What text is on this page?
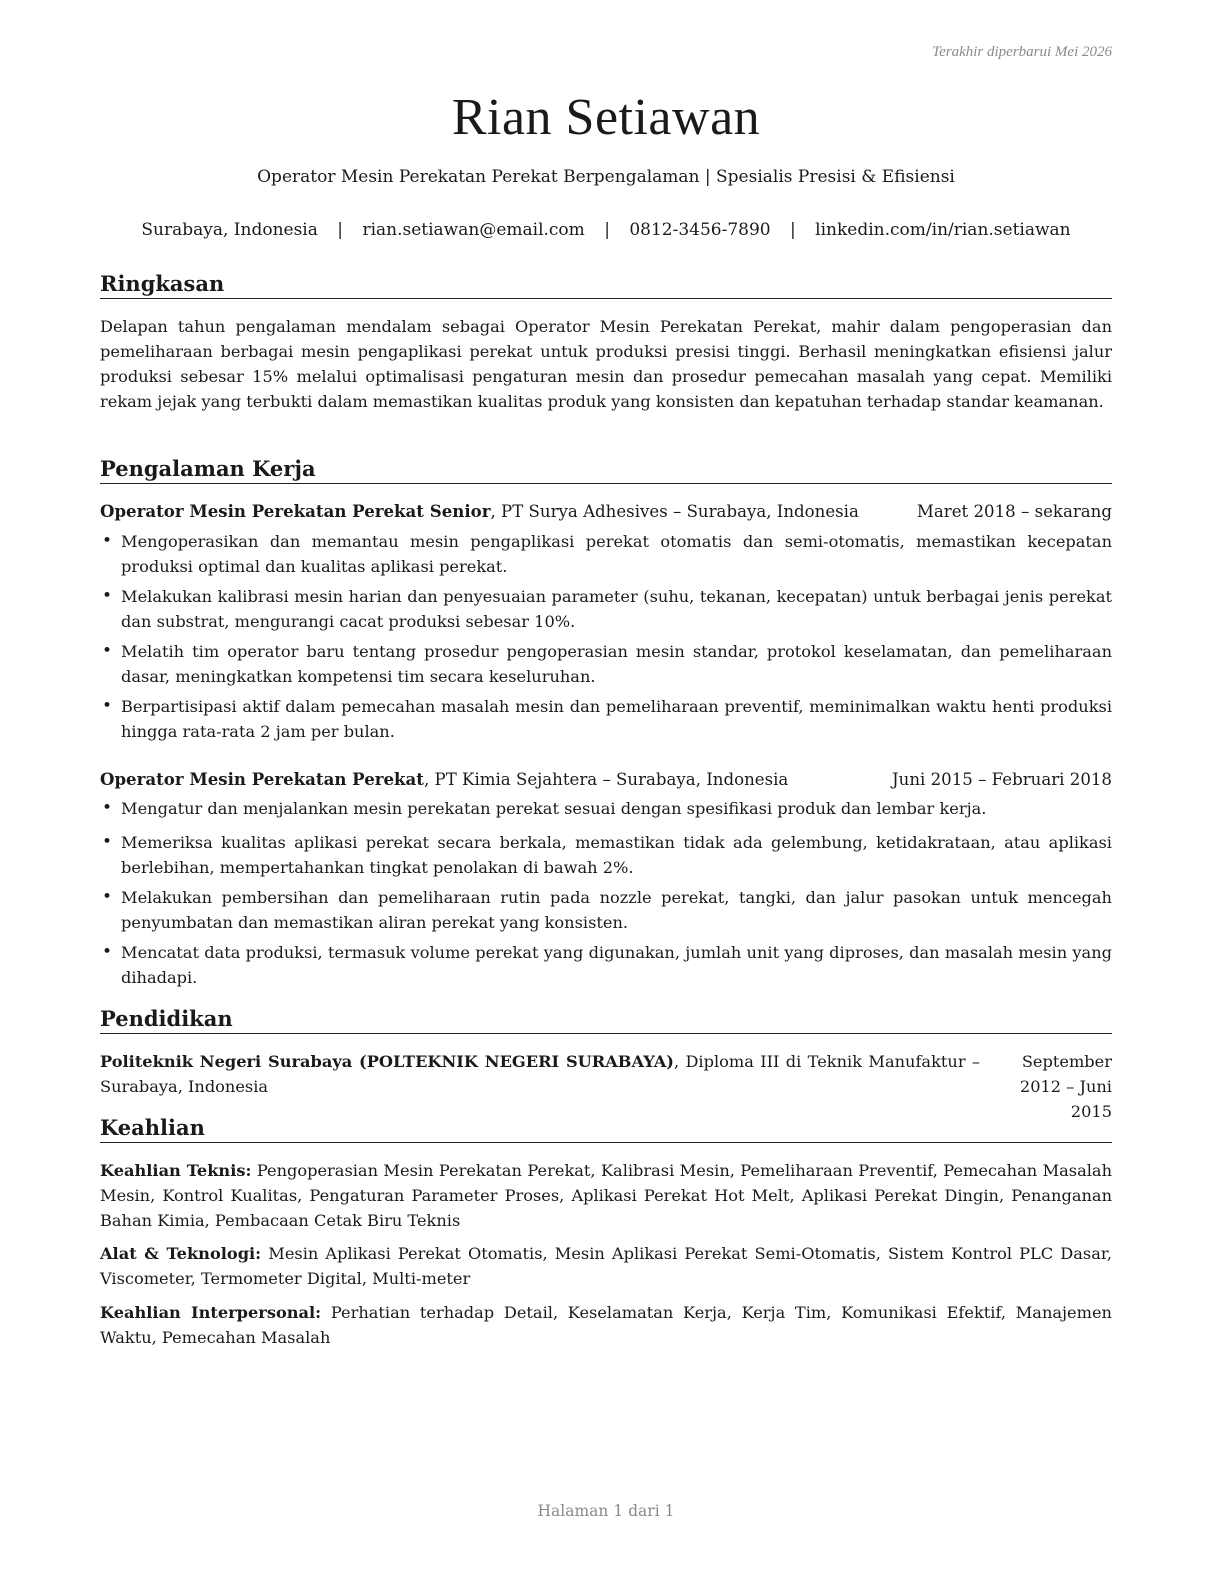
Terakhir diperbarui Mei 2026
Rian Setiawan
Operator Mesin Perekatan Perekat Berpengalaman | Spesialis Presisi & Efisiensi
Surabaya, Indonesia | rian.setiawan@email.com | 0812-3456-7890 | linkedin.com/in/rian.setiawan
Ringkasan
Delapan tahun pengalaman mendalam sebagai Operator Mesin Perekatan Perekat, mahir dalam pengoperasian dan pemeliharaan berbagai mesin pengaplikasi perekat untuk produksi presisi tinggi. Berhasil meningkatkan efisiensi jalur produksi sebesar 15% melalui optimalisasi pengaturan mesin dan prosedur pemecahan masalah yang cepat. Memiliki rekam jejak yang terbukti dalam memastikan kualitas produk yang konsisten dan kepatuhan terhadap standar keamanan.
Pengalaman Kerja
Operator Mesin Perekatan Perekat Senior, PT Surya Adhesives – Surabaya, Indonesia	Maret 2018 – sekarang
• Mengoperasikan dan memantau mesin pengaplikasi perekat otomatis dan semi-otomatis, memastikan kecepatan produksi optimal dan kualitas aplikasi perekat.
• Melakukan kalibrasi mesin harian dan penyesuaian parameter (suhu, tekanan, kecepatan) untuk berbagai jenis perekat dan substrat, mengurangi cacat produksi sebesar 10%.
• Melatih tim operator baru tentang prosedur pengoperasian mesin standar, protokol keselamatan, dan pemeliharaan dasar, meningkatkan kompetensi tim secara keseluruhan.
• Berpartisipasi aktif dalam pemecahan masalah mesin dan pemeliharaan preventif, meminimalkan waktu henti produksi hingga rata-rata 2 jam per bulan.
Operator Mesin Perekatan Perekat, PT Kimia Sejahtera – Surabaya, Indonesia	Juni 2015 – Februari 2018
• Mengatur dan menjalankan mesin perekatan perekat sesuai dengan spesifikasi produk dan lembar kerja.
• Memeriksa kualitas aplikasi perekat secara berkala, memastikan tidak ada gelembung, ketidakrataan, atau aplikasi berlebihan, mempertahankan tingkat penolakan di bawah 2%.
• Melakukan pembersihan dan pemeliharaan rutin pada nozzle perekat, tangki, dan jalur pasokan untuk mencegah penyumbatan dan memastikan aliran perekat yang konsisten.
• Mencatat data produksi, termasuk volume perekat yang digunakan, jumlah unit yang diproses, dan masalah mesin yang dihadapi.
Pendidikan
Politeknik Negeri Surabaya (POLTEKNIK NEGERI SURABAYA), Diploma III di Teknik Manufaktur – Surabaya, Indonesia
September 2012 – Juni 2015
Keahlian
Keahlian Teknis: Pengoperasian Mesin Perekatan Perekat, Kalibrasi Mesin, Pemeliharaan Preventif, Pemecahan Masalah Mesin, Kontrol Kualitas, Pengaturan Parameter Proses, Aplikasi Perekat Hot Melt, Aplikasi Perekat Dingin, Penanganan Bahan Kimia, Pembacaan Cetak Biru Teknis
Alat & Teknologi: Mesin Aplikasi Perekat Otomatis, Mesin Aplikasi Perekat Semi-Otomatis, Sistem Kontrol PLC Dasar, Viscometer, Termometer Digital, Multi-meter
Keahlian Interpersonal: Perhatian terhadap Detail, Keselamatan Kerja, Kerja Tim, Komunikasi Efektif, Manajemen Waktu, Pemecahan Masalah
Halaman 1 dari 1
